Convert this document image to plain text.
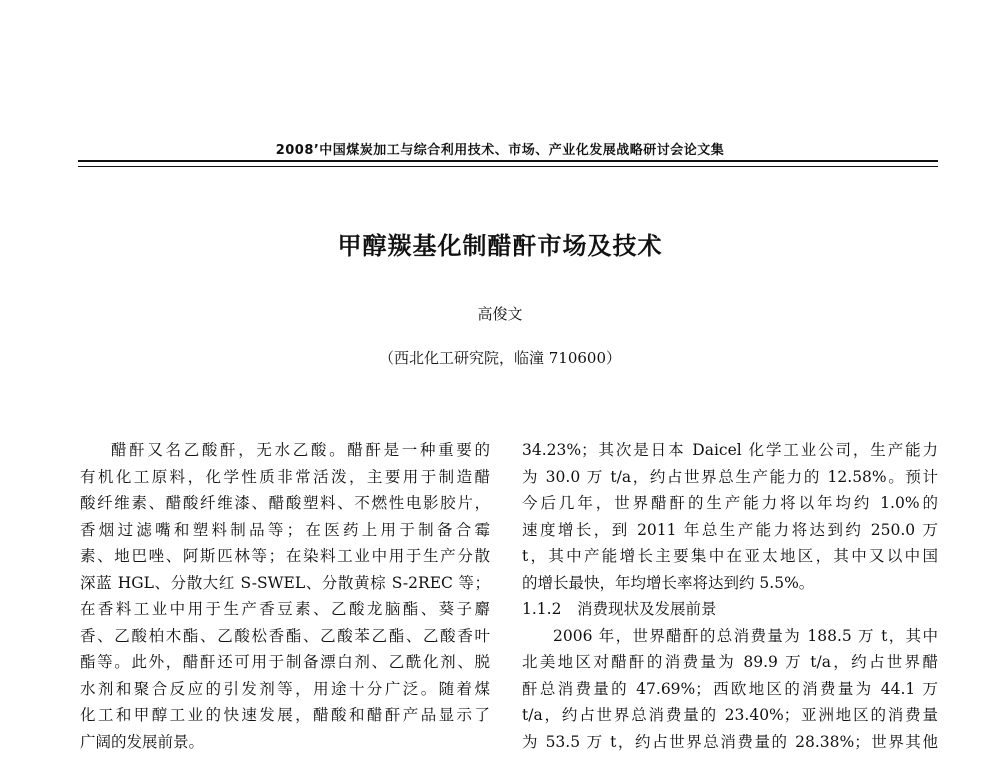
2008’中国煤炭加工与综合利用技术、市场、产业化发展战略研讨会论文集
甲醇羰基化制醋酐市场及技术
高俊文
（西北化工研究院，临潼 710600）
醋酐又名乙酸酐，无水乙酸。醋酐是一种重要的
有机化工原料，化学性质非常活泼，主要用于制造醋
酸纤维素、醋酸纤维漆、醋酸塑料、不燃性电影胶片，
香烟过滤嘴和塑料制品等；在医药上用于制备合霉
素、地巴唑、阿斯匹林等；在染料工业中用于生产分散
深蓝 HGL、分散大红 S-SWEL、分散黄棕 S-2REC 等；
在香料工业中用于生产香豆素、乙酸龙脑酯、葵子麝
香、乙酸柏木酯、乙酸松香酯、乙酸苯乙酯、乙酸香叶
酯等。此外，醋酐还可用于制备漂白剂、乙酰化剂、脱
水剂和聚合反应的引发剂等，用途十分广泛。随着煤
化工和甲醇工业的快速发展，醋酸和醋酐产品显示了
广阔的发展前景。
34.23%；其次是日本 Daicel 化学工业公司，生产能力
为 30.0 万 t/a，约占世界总生产能力的 12.58%。预计
今后几年，世界醋酐的生产能力将以年均约 1.0%的
速度增长，到 2011 年总生产能力将达到约 250.0 万
t，其中产能增长主要集中在亚太地区，其中又以中国
的增长最快，年均增长率将达到约 5.5%。
1.1.2　消费现状及发展前景
2006 年，世界醋酐的总消费量为 188.5 万 t，其中
北美地区对醋酐的消费量为 89.9 万 t/a，约占世界醋
酐总消费量的 47.69%；西欧地区的消费量为 44.1 万
t/a，约占世界总消费量的 23.40%；亚洲地区的消费量
为 53.5 万 t，约占世界总消费量的 28.38%；世界其他
